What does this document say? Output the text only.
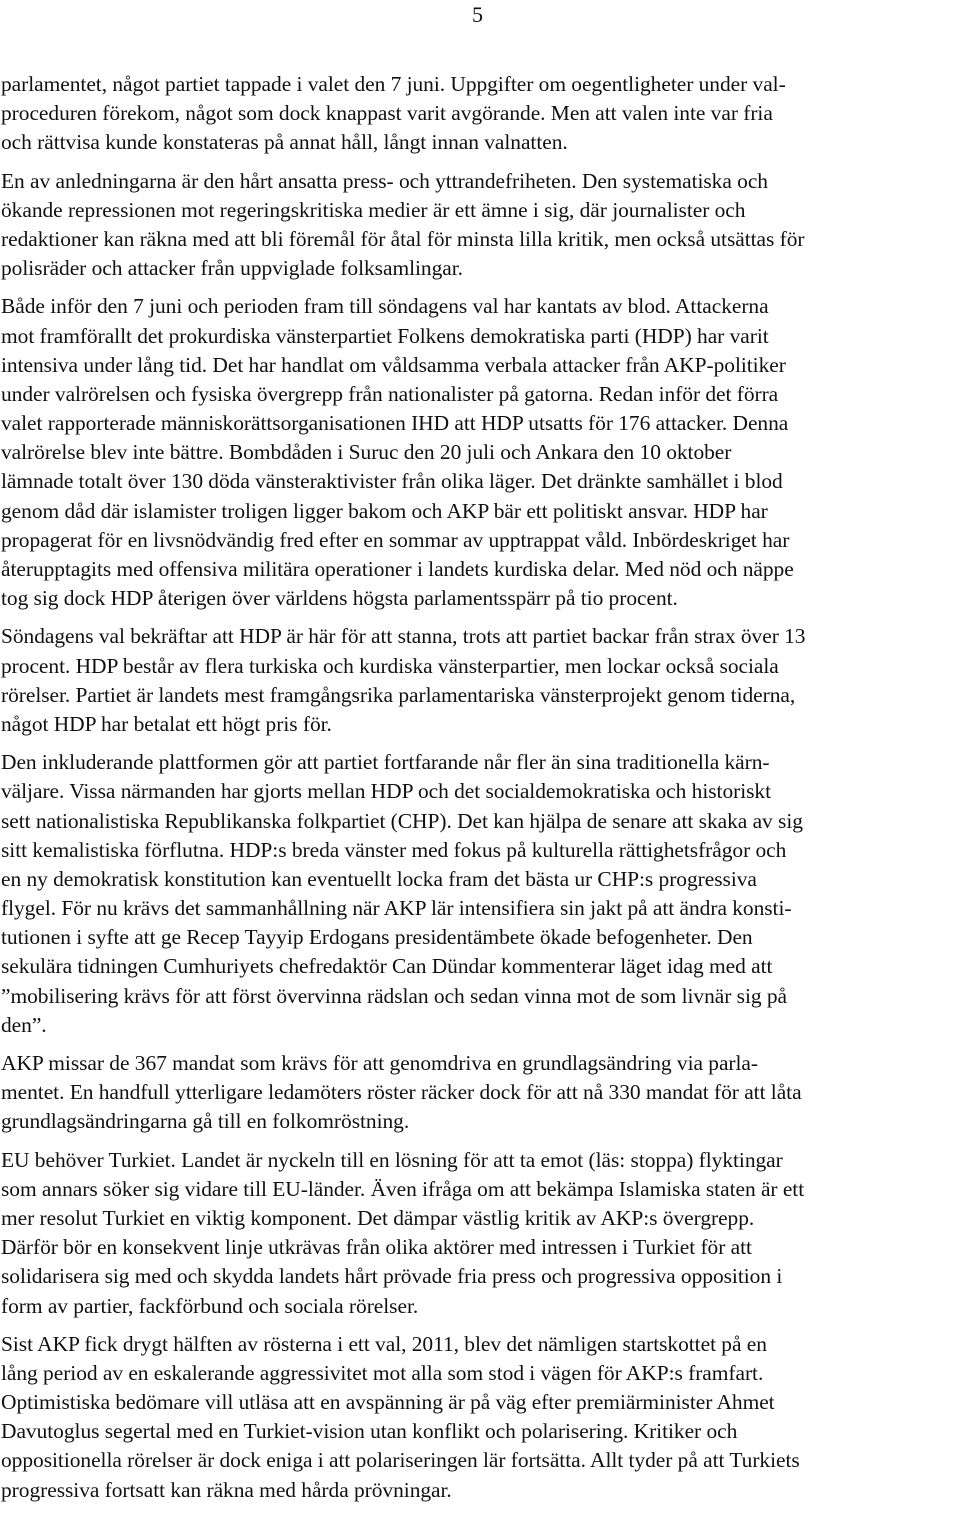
5
parlamentet, något partiet tappade i valet den 7 juni. Uppgifter om oegentligheter under val-
proceduren förekom, något som dock knappast varit avgörande. Men att valen inte var fria
och rättvisa kunde konstateras på annat håll, långt innan valnatten.
En av anledningarna är den hårt ansatta press- och yttrandefriheten. Den systematiska och
ökande repressionen mot regeringskritiska medier är ett ämne i sig, där journalister och
redaktioner kan räkna med att bli föremål för åtal för minsta lilla kritik, men också utsättas för
polisräder och attacker från uppviglade folksamlingar.
Både inför den 7 juni och perioden fram till söndagens val har kantats av blod. Attackerna
mot framförallt det prokurdiska vänsterpartiet Folkens demokratiska parti (HDP) har varit
intensiva under lång tid. Det har handlat om våldsamma verbala attacker från AKP-politiker
under valrörelsen och fysiska övergrepp från nationalister på gatorna. Redan inför det förra
valet rapporterade människorättsorganisationen IHD att HDP utsatts för 176 attacker. Denna
valrörelse blev inte bättre. Bombdåden i Suruc den 20 juli och Ankara den 10 oktober
lämnade totalt över 130 döda vänsteraktivister från olika läger. Det dränkte samhället i blod
genom dåd där islamister troligen ligger bakom och AKP bär ett politiskt ansvar. HDP har
propagerat för en livsnödvändig fred efter en sommar av upptrappat våld. Inbördeskriget har
återupptagits med offensiva militära operationer i landets kurdiska delar. Med nöd och näppe
tog sig dock HDP återigen över världens högsta parlamentsspärr på tio procent.
Söndagens val bekräftar att HDP är här för att stanna, trots att partiet backar från strax över 13
procent. HDP består av flera turkiska och kurdiska vänsterpartier, men lockar också sociala
rörelser. Partiet är landets mest framgångsrika parlamentariska vänsterprojekt genom tiderna,
något HDP har betalat ett högt pris för.
Den inkluderande plattformen gör att partiet fortfarande når fler än sina traditionella kärn-
väljare. Vissa närmanden har gjorts mellan HDP och det socialdemokratiska och historiskt
sett nationalistiska Republikanska folkpartiet (CHP). Det kan hjälpa de senare att skaka av sig
sitt kemalistiska förflutna. HDP:s breda vänster med fokus på kulturella rättighetsfrågor och
en ny demokratisk konstitution kan eventuellt locka fram det bästa ur CHP:s progressiva
flygel. För nu krävs det sammanhållning när AKP lär intensifiera sin jakt på att ändra konsti-
tutionen i syfte att ge Recep Tayyip Erdogans presidentämbete ökade befogenheter. Den
sekulära tidningen Cumhuriyets chefredaktör Can Dündar kommenterar läget idag med att
”mobilisering krävs för att först övervinna rädslan och sedan vinna mot de som livnär sig på
den”.
AKP missar de 367 mandat som krävs för att genomdriva en grundlagsändring via parla-
mentet. En handfull ytterligare ledamöters röster räcker dock för att nå 330 mandat för att låta
grundlagsändringarna gå till en folkomröstning.
EU behöver Turkiet. Landet är nyckeln till en lösning för att ta emot (läs: stoppa) flyktingar
som annars söker sig vidare till EU-länder. Även ifråga om att bekämpa Islamiska staten är ett
mer resolut Turkiet en viktig komponent. Det dämpar västlig kritik av AKP:s övergrepp.
Därför bör en konsekvent linje utkrävas från olika aktörer med intressen i Turkiet för att
solidarisera sig med och skydda landets hårt prövade fria press och progressiva opposition i
form av partier, fackförbund och sociala rörelser.
Sist AKP fick drygt hälften av rösterna i ett val, 2011, blev det nämligen startskottet på en
lång period av en eskalerande aggressivitet mot alla som stod i vägen för AKP:s framfart.
Optimistiska bedömare vill utläsa att en avspänning är på väg efter premiärminister Ahmet
Davutoglus segertal med en Turkiet-vision utan konflikt och polarisering. Kritiker och
oppositionella rörelser är dock eniga i att polariseringen lär fortsätta. Allt tyder på att Turkiets
progressiva fortsatt kan räkna med hårda prövningar.
